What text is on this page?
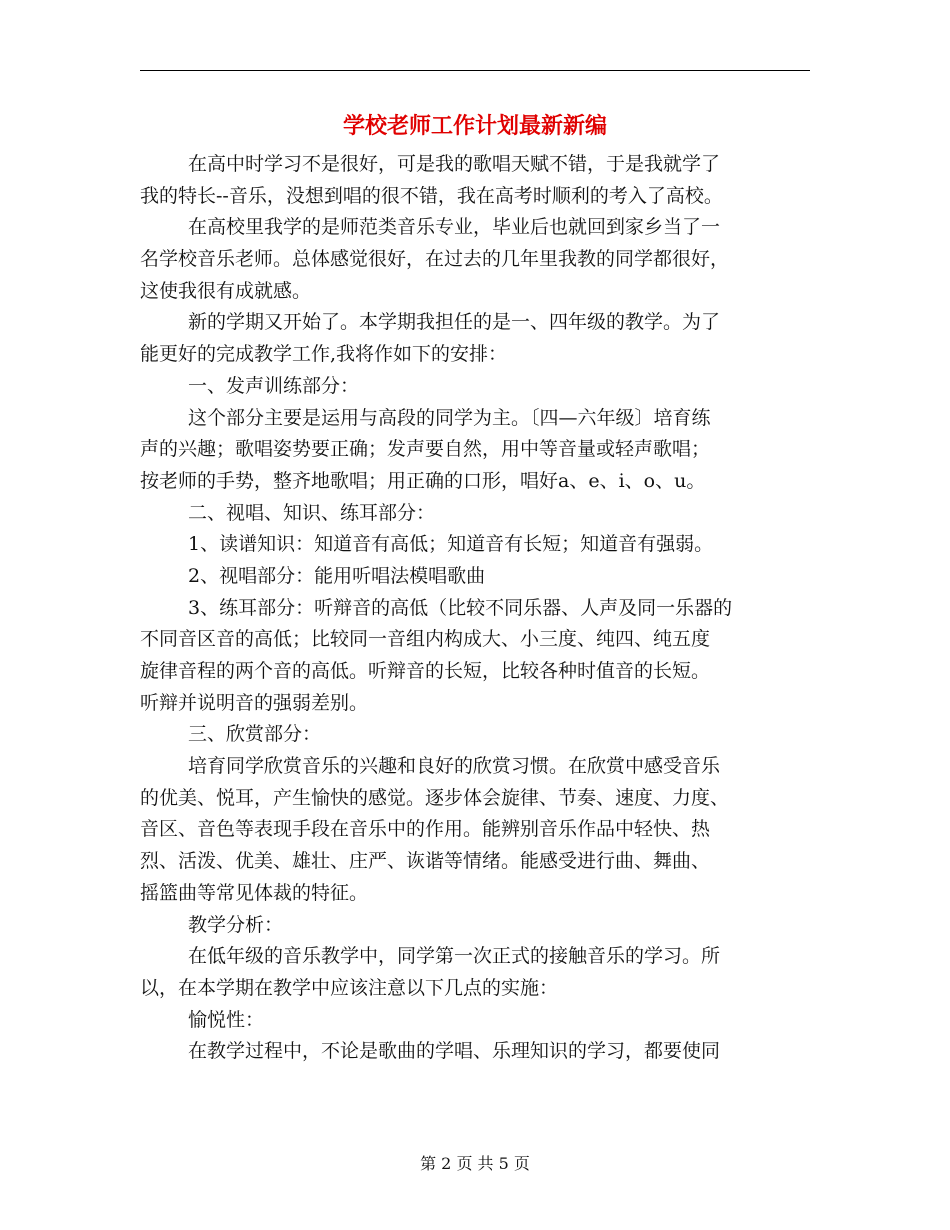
学校老师工作计划最新新编
在高中时学习不是很好，可是我的歌唱天赋不错，于是我就学了
我的特长--音乐，没想到唱的很不错，我在高考时顺利的考入了高校。
在高校里我学的是师范类音乐专业，毕业后也就回到家乡当了一
名学校音乐老师。总体感觉很好，在过去的几年里我教的同学都很好，
这使我很有成就感。
新的学期又开始了。本学期我担任的是一、四年级的教学。为了
能更好的完成教学工作,我将作如下的安排：
一、发声训练部分：
这个部分主要是运用与高段的同学为主。〔四—六年级〕培育练
声的兴趣；歌唱姿势要正确；发声要自然，用中等音量或轻声歌唱；
按老师的手势，整齐地歌唱；用正确的口形，唱好a、e、i、o、u。
二、视唱、知识、练耳部分：
1、读谱知识：知道音有高低；知道音有长短；知道音有强弱。
2、视唱部分：能用听唱法模唱歌曲
3、练耳部分：听辩音的高低（比较不同乐器、人声及同一乐器的
不同音区音的高低；比较同一音组内构成大、小三度、纯四、纯五度
旋律音程的两个音的高低。听辩音的长短，比较各种时值音的长短。
听辩并说明音的强弱差别。
三、欣赏部分：
培育同学欣赏音乐的兴趣和良好的欣赏习惯。在欣赏中感受音乐
的优美、悦耳，产生愉快的感觉。逐步体会旋律、节奏、速度、力度、
音区、音色等表现手段在音乐中的作用。能辨别音乐作品中轻快、热
烈、活泼、优美、雄壮、庄严、诙谐等情绪。能感受进行曲、舞曲、
摇篮曲等常见体裁的特征。
教学分析：
在低年级的音乐教学中，同学第一次正式的接触音乐的学习。所
以，在本学期在教学中应该注意以下几点的实施：
愉悦性：
在教学过程中，不论是歌曲的学唱、乐理知识的学习，都要使同
第 2 页 共 5 页
